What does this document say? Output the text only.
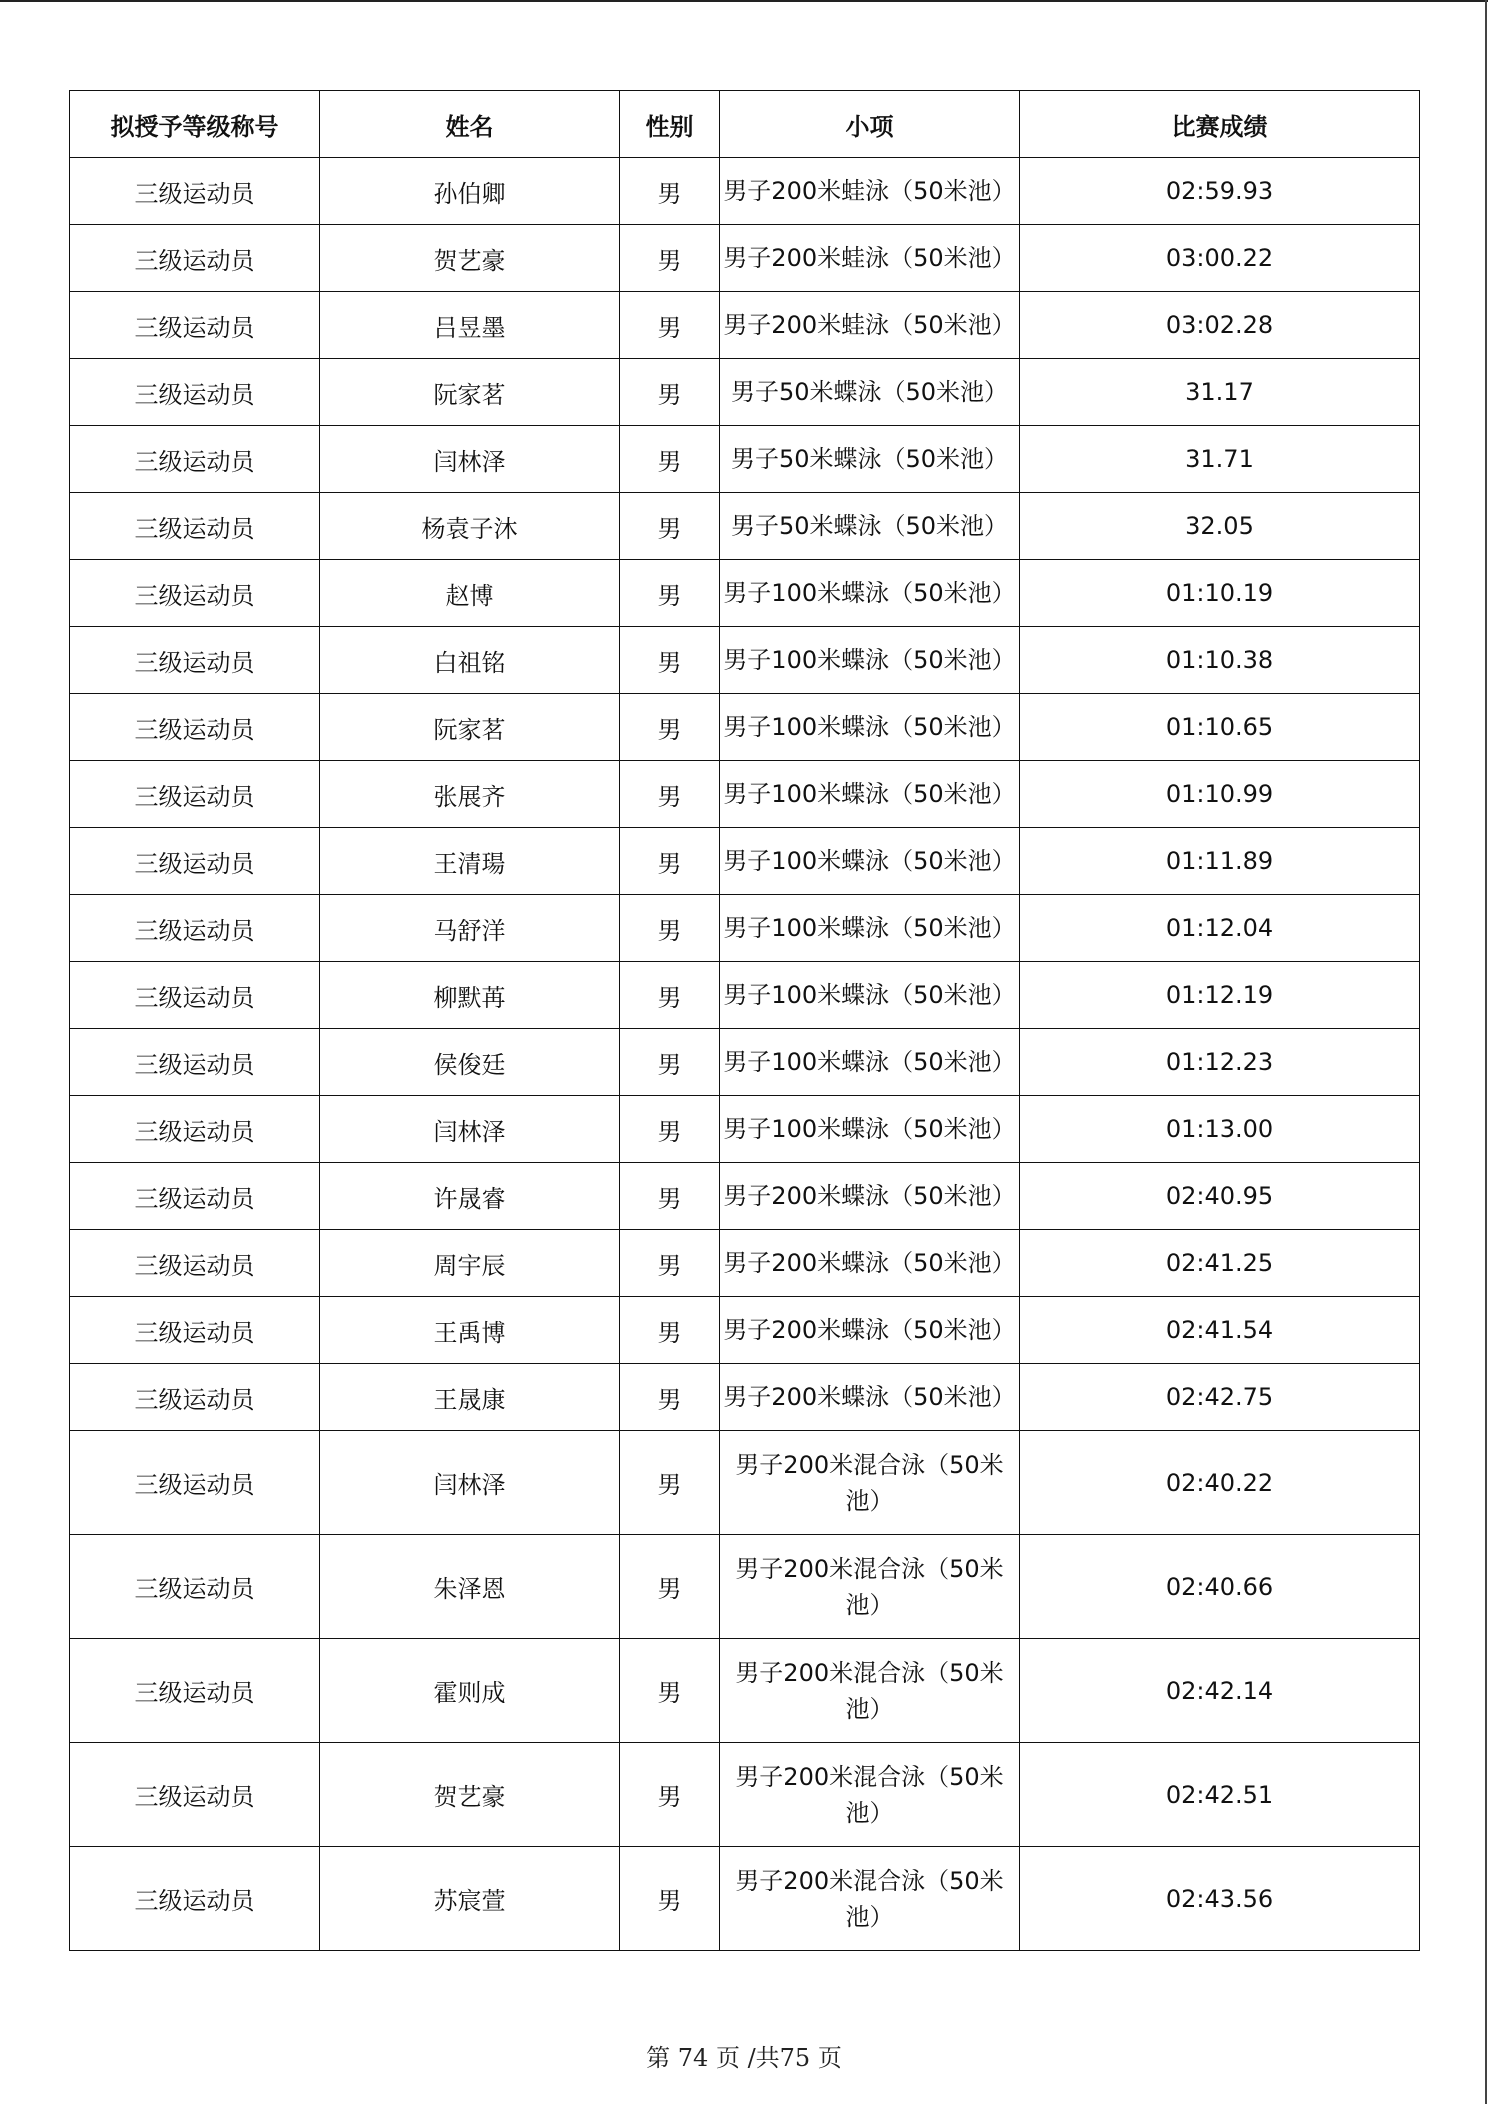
拟授予等级称号	姓名	性别	小项	比赛成绩
三级运动员	孙伯卿	男	男子200米蛙泳（50米池）	02:59.93
三级运动员	贺艺豪	男	男子200米蛙泳（50米池）	03:00.22
三级运动员	吕昱墨	男	男子200米蛙泳（50米池）	03:02.28
三级运动员	阮家茗	男	男子50米蝶泳（50米池）	31.17
三级运动员	闫林泽	男	男子50米蝶泳（50米池）	31.71
三级运动员	杨袁子沐	男	男子50米蝶泳（50米池）	32.05
三级运动员	赵博	男	男子100米蝶泳（50米池）	01:10.19
三级运动员	白祖铭	男	男子100米蝶泳（50米池）	01:10.38
三级运动员	阮家茗	男	男子100米蝶泳（50米池）	01:10.65
三级运动员	张展齐	男	男子100米蝶泳（50米池）	01:10.99
三级运动员	王清瑒	男	男子100米蝶泳（50米池）	01:11.89
三级运动员	马舒洋	男	男子100米蝶泳（50米池）	01:12.04
三级运动员	柳默苒	男	男子100米蝶泳（50米池）	01:12.19
三级运动员	侯俊廷	男	男子100米蝶泳（50米池）	01:12.23
三级运动员	闫林泽	男	男子100米蝶泳（50米池）	01:13.00
三级运动员	许晟睿	男	男子200米蝶泳（50米池）	02:40.95
三级运动员	周宇辰	男	男子200米蝶泳（50米池）	02:41.25
三级运动员	王禹博	男	男子200米蝶泳（50米池）	02:41.54
三级运动员	王晟康	男	男子200米蝶泳（50米池）	02:42.75
三级运动员	闫林泽	男	男子200米混合泳（50米池）	02:40.22
三级运动员	朱泽恩	男	男子200米混合泳（50米池）	02:40.66
三级运动员	霍则成	男	男子200米混合泳（50米池）	02:42.14
三级运动员	贺艺豪	男	男子200米混合泳（50米池）	02:42.51
三级运动员	苏宸萱	男	男子200米混合泳（50米池）	02:43.56
第 74 页 /共75 页
